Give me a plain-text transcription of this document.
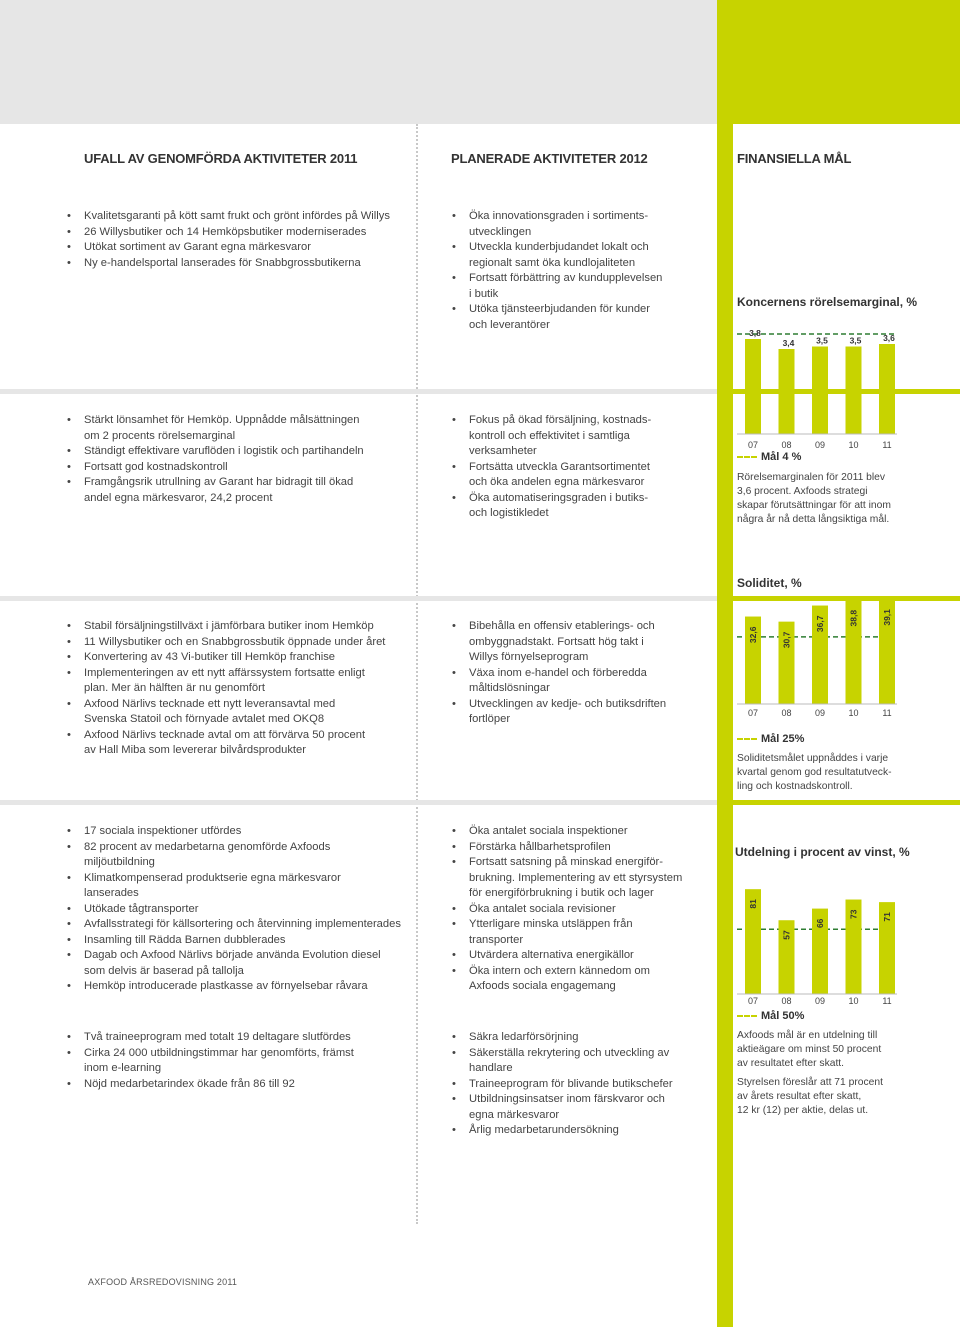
UFALL AV GENOMFÖRDA AKTIVITETER 2011	PLANERADE AKTIVITETER 2012	FINANSIELLA MÅL
• Kvalitetsgaranti på kött samt frukt och grönt infördes på Willys
• 26 Willysbutiker och 14 Hemköpsbutiker moderniserades
• Utökat sortiment av Garant egna märkesvaror
• Ny e-handelsportal lanserades för Snabbgrossbutikerna
• Öka innovationsgraden i sortiments-
utvecklingen
• Utveckla kunderbjudandet lokalt och
regionalt samt öka kundlojaliteten
• Fortsatt förbättring av kundupplevelsen
i butik
• Utöka tjänsteerbjudanden för kunder
och leverantörer
• Stärkt lönsamhet för Hemköp. Uppnådde målsättningen
om 2 procents rörelsemarginal
• Ständigt effektivare varuflöden i logistik och partihandeln
• Fortsatt god kostnadskontroll
• Framgångsrik utrullning av Garant har bidragit till ökad
andel egna märkesvaror, 24,2 procent
• Fokus på ökad försäljning, kostnads-
kontroll och effektivitet i samtliga
verksamheter
• Fortsätta utveckla Garantsortimentet
och öka andelen egna märkesvaror
• Öka automatiseringsgraden i butiks-
och logistikledet
• Stabil försäljningstillväxt i jämförbara butiker inom Hemköp
• 11 Willysbutiker och en Snabbgrossbutik öppnade under året
• Konvertering av 43 Vi-butiker till Hemköp franchise
• Implementeringen av ett nytt affärssystem fortsatte enligt
plan. Mer än hälften är nu genomfört
• Axfood Närlivs tecknade ett nytt leveransavtal med
Svenska Statoil och förnyade avtalet med OKQ8
• Axfood Närlivs tecknade avtal om att förvärva 50 procent
av Hall Miba som levererar bilvårdsprodukter
• Bibehålla en offensiv etablerings- och
ombyggnadstakt. Fortsatt hög takt i
Willys förnyelseprogram
• Växa inom e-handel och förberedda
måltidslösningar
• Utvecklingen av kedje- och butiksdriften
fortlöper
• 17 sociala inspektioner utfördes
• 82 procent av medarbetarna genomförde Axfoods
miljöutbildning
• Klimatkompenserad produktserie egna märkesvaror
lanserades
• Utökade tågtransporter
• Avfallsstrategi för källsortering och återvinning implementerades
• Insamling till Rädda Barnen dubblerades
• Dagab och Axfood Närlivs började använda Evolution diesel
som delvis är baserad på tallolja
• Hemköp introducerade plastkasse av förnyelsebar råvara
• Öka antalet sociala inspektioner
• Förstärka hållbarhetsprofilen
• Fortsatt satsning på minskad energiför-
brukning. Implementering av ett styrsystem
för energiförbrukning i butik och lager
• Öka antalet sociala revisioner
• Ytterligare minska utsläppen från
transporter
• Utvärdera alternativa energikällor
• Öka intern och extern kännedom om
Axfoods sociala engagemang
• Två traineeprogram med totalt 19 deltagare slutfördes
• Cirka 24 000 utbildningstimmar har genomförts, främst
inom e-learning
• Nöjd medarbetarindex ökade från 86 till 92
• Säkra ledarförsörjning
• Säkerställa rekrytering och utveckling av
handlare
• Traineeprogram för blivande butikschefer
• Utbildningsinsatser inom färskvaror och
egna märkesvaror
• Årlig medarbetarundersökning
Koncernens rörelsemarginal, %
3,8
07
3,4
08
3,5
09
3,5
10
3,6
11
Mål 4 %
Rörelsemarginalen för 2011 blev
3,6 procent. Axfoods strategi
skapar förutsättningar för att inom
några år nå detta långsiktiga mål.
Soliditet, %
32,6
07
30,7
08
36,7
09
38,8
10
39,1
11
Mål 25%
Soliditetsmålet uppnåddes i varje
kvartal genom god resultatutveck-
ling och kostnadskontroll.
Utdelning i procent av vinst, %
81
07
57
08
66
09
73
10
71
11
Mål 50%
Axfoods mål är en utdelning till
aktieägare om minst 50 procent
av resultatet efter skatt.
Styrelsen föreslår att 71 procent
av årets resultat efter skatt,
12 kr (12) per aktie, delas ut.
AXFOOD ÅRSREDOVISNING 2011	11
